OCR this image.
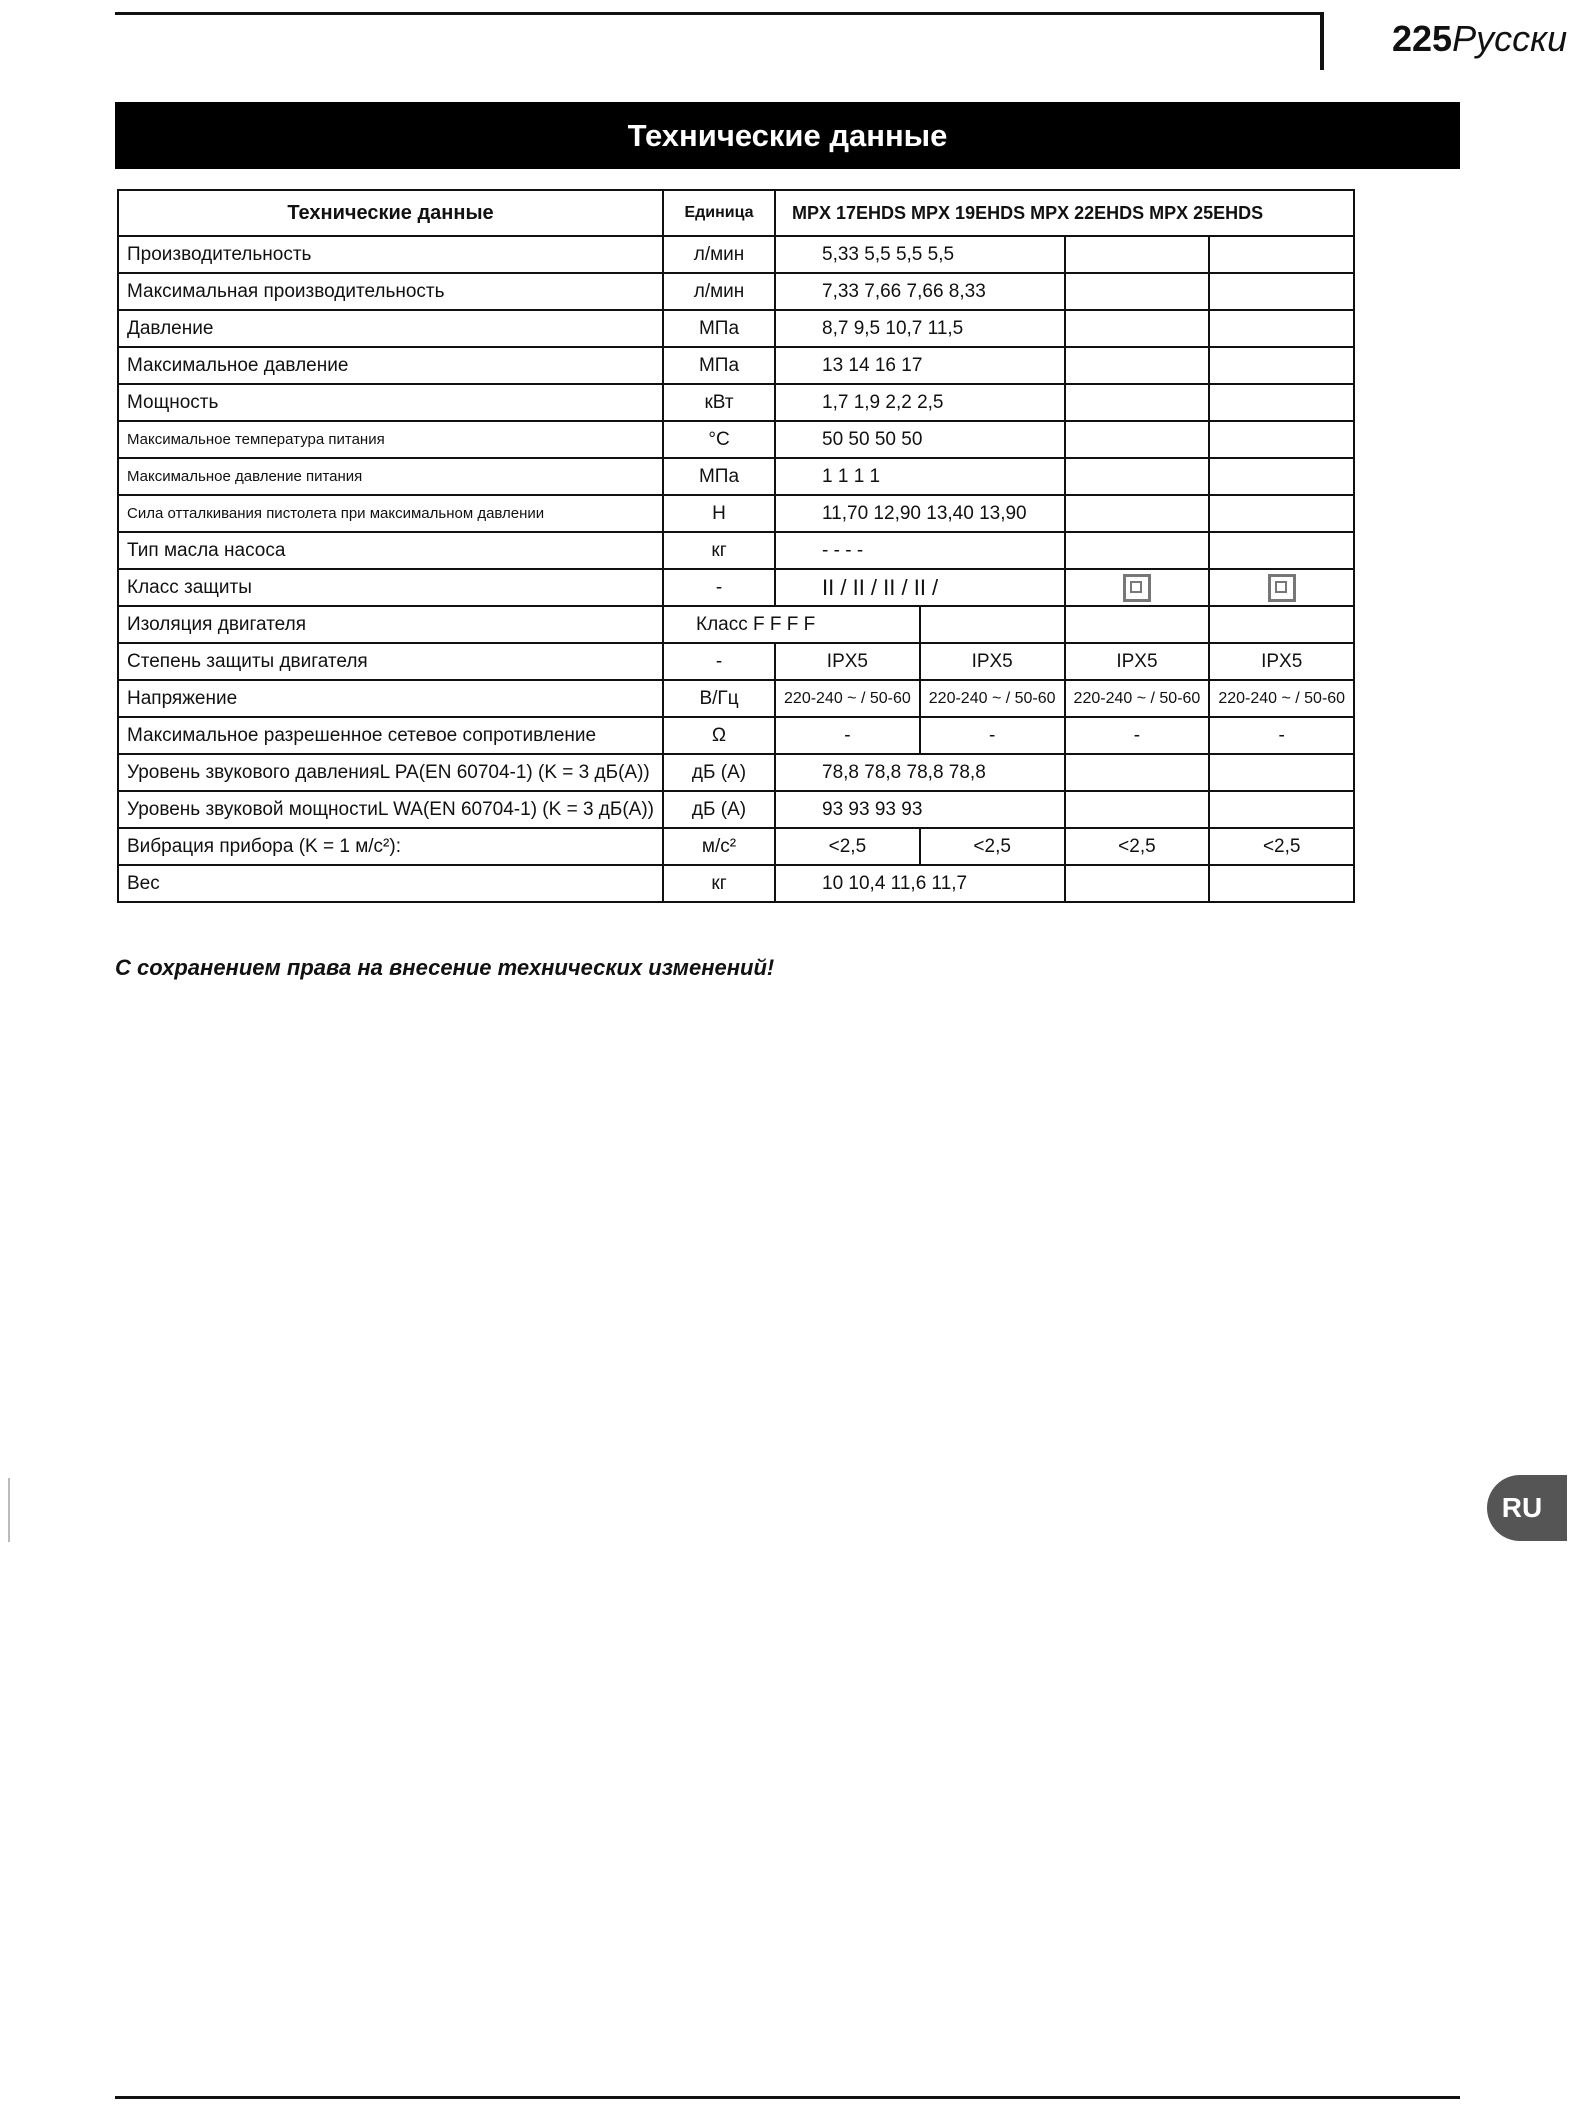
225Русски
Технические данные
Технические данные	Единица	MPX 17EHDS MPX 19EHDS MPX 22EHDS MPX 25EHDS			
Производительность	л/мин	5,33 5,5 5,5 5,5			
Максимальная производительность	л/мин	7,33 7,66 7,66 8,33			
Давление	МПа	8,7 9,5 10,7 11,5			
Максимальное давление	МПа	13 14 16 17			
Мощность	кВт	1,7 1,9 2,2 2,5			
Максимальное температура питания	°C	50 50 50 50			
Максимальное давление питания	МПа	1 1 1 1			
Сила отталкивания пистолета при максимальном давлении	Н	11,70 12,90 13,40 13,90			
Тип масла насоса	кг	- - - -			
Класс защиты	-	II / II / II / II /			
Изоляция двигателя	Класс F F F F				
Степень защиты двигателя	-	IPX5	IPX5	IPX5	IPX5
Напряжение	В/Гц	220-240 ~ / 50-60	220-240 ~ / 50-60	220-240 ~ / 50-60	220-240 ~ / 50-60
Максимальное разрешенное сетевое сопротивление	Ω	-	-	-	-
Уровень звукового давленияL PA(EN 60704-1) (K = 3 дБ(A))	дБ (A)	78,8 78,8 78,8 78,8			
Уровень звуковой мощностиL WA(EN 60704-1) (K = 3 дБ(A))	дБ (A)	93 93 93 93			
Вибрация прибора (K = 1 м/с²):	м/с²	<2,5	<2,5	<2,5	<2,5
Вес	кг	10 10,4 11,6 11,7			
С сохранением права на внесение технических изменений!
RU
